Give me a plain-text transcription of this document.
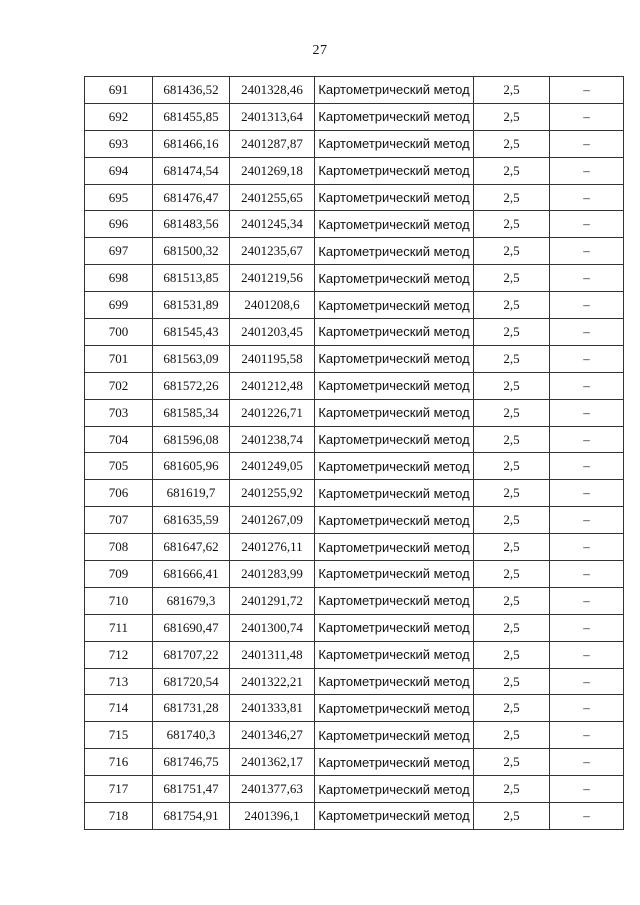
27
691	681436,52	2401328,46	Картометрический метод	2,5	–
692	681455,85	2401313,64	Картометрический метод	2,5	–
693	681466,16	2401287,87	Картометрический метод	2,5	–
694	681474,54	2401269,18	Картометрический метод	2,5	–
695	681476,47	2401255,65	Картометрический метод	2,5	–
696	681483,56	2401245,34	Картометрический метод	2,5	–
697	681500,32	2401235,67	Картометрический метод	2,5	–
698	681513,85	2401219,56	Картометрический метод	2,5	–
699	681531,89	2401208,6	Картометрический метод	2,5	–
700	681545,43	2401203,45	Картометрический метод	2,5	–
701	681563,09	2401195,58	Картометрический метод	2,5	–
702	681572,26	2401212,48	Картометрический метод	2,5	–
703	681585,34	2401226,71	Картометрический метод	2,5	–
704	681596,08	2401238,74	Картометрический метод	2,5	–
705	681605,96	2401249,05	Картометрический метод	2,5	–
706	681619,7	2401255,92	Картометрический метод	2,5	–
707	681635,59	2401267,09	Картометрический метод	2,5	–
708	681647,62	2401276,11	Картометрический метод	2,5	–
709	681666,41	2401283,99	Картометрический метод	2,5	–
710	681679,3	2401291,72	Картометрический метод	2,5	–
711	681690,47	2401300,74	Картометрический метод	2,5	–
712	681707,22	2401311,48	Картометрический метод	2,5	–
713	681720,54	2401322,21	Картометрический метод	2,5	–
714	681731,28	2401333,81	Картометрический метод	2,5	–
715	681740,3	2401346,27	Картометрический метод	2,5	–
716	681746,75	2401362,17	Картометрический метод	2,5	–
717	681751,47	2401377,63	Картометрический метод	2,5	–
718	681754,91	2401396,1	Картометрический метод	2,5	–
